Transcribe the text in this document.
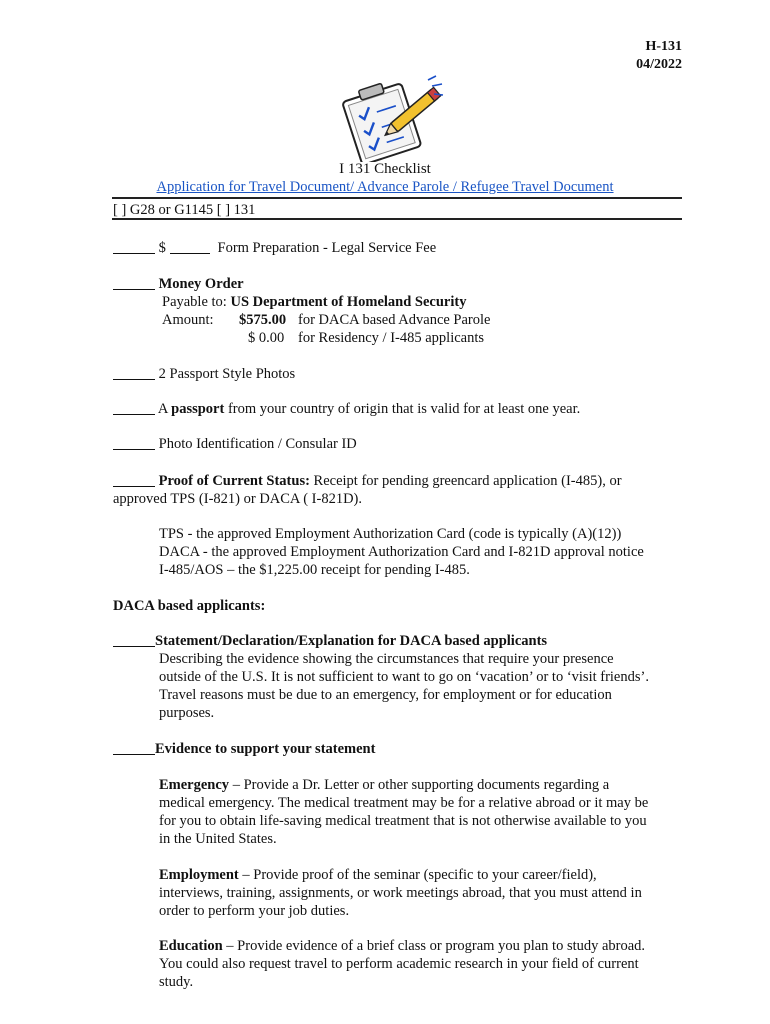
H-131
04/2022
I 131 Checklist
Application for Travel Document/ Advance Parole / Refugee Travel Document
[ ] G28 or G1145 [ ] 131
$	Form Preparation - Legal Service Fee
Money Order
Payable to: US Department of Homeland Security
Amount: $575.00 for DACA based Advance Parole
$ 0.00 for Residency / I-485 applicants
2 Passport Style Photos
A passport from your country of origin that is valid for at least one year.
Photo Identification / Consular ID
Proof of Current Status: Receipt for pending greencard application (I-485), or
approved TPS (I-821) or DACA ( I-821D).
TPS - the approved Employment Authorization Card (code is typically (A)(12))
DACA - the approved Employment Authorization Card and I-821D approval notice
I-485/AOS – the $1,225.00 receipt for pending I-485.
DACA based applicants:
Statement/Declaration/Explanation for DACA based applicants
Describing the evidence showing the circumstances that require your presence
outside of the U.S. It is not sufficient to want to go on ‘vacation’ or to ‘visit friends’.
Travel reasons must be due to an emergency, for employment or for education
purposes.
Evidence to support your statement
Emergency – Provide a Dr. Letter or other supporting documents regarding a
medical emergency. The medical treatment may be for a relative abroad or it may be
for you to obtain life-saving medical treatment that is not otherwise available to you
in the United States.
Employment – Provide proof of the seminar (specific to your career/field),
interviews, training, assignments, or work meetings abroad, that you must attend in
order to perform your job duties.
Education – Provide evidence of a brief class or program you plan to study abroad.
You could also request travel to perform academic research in your field of current
study.
